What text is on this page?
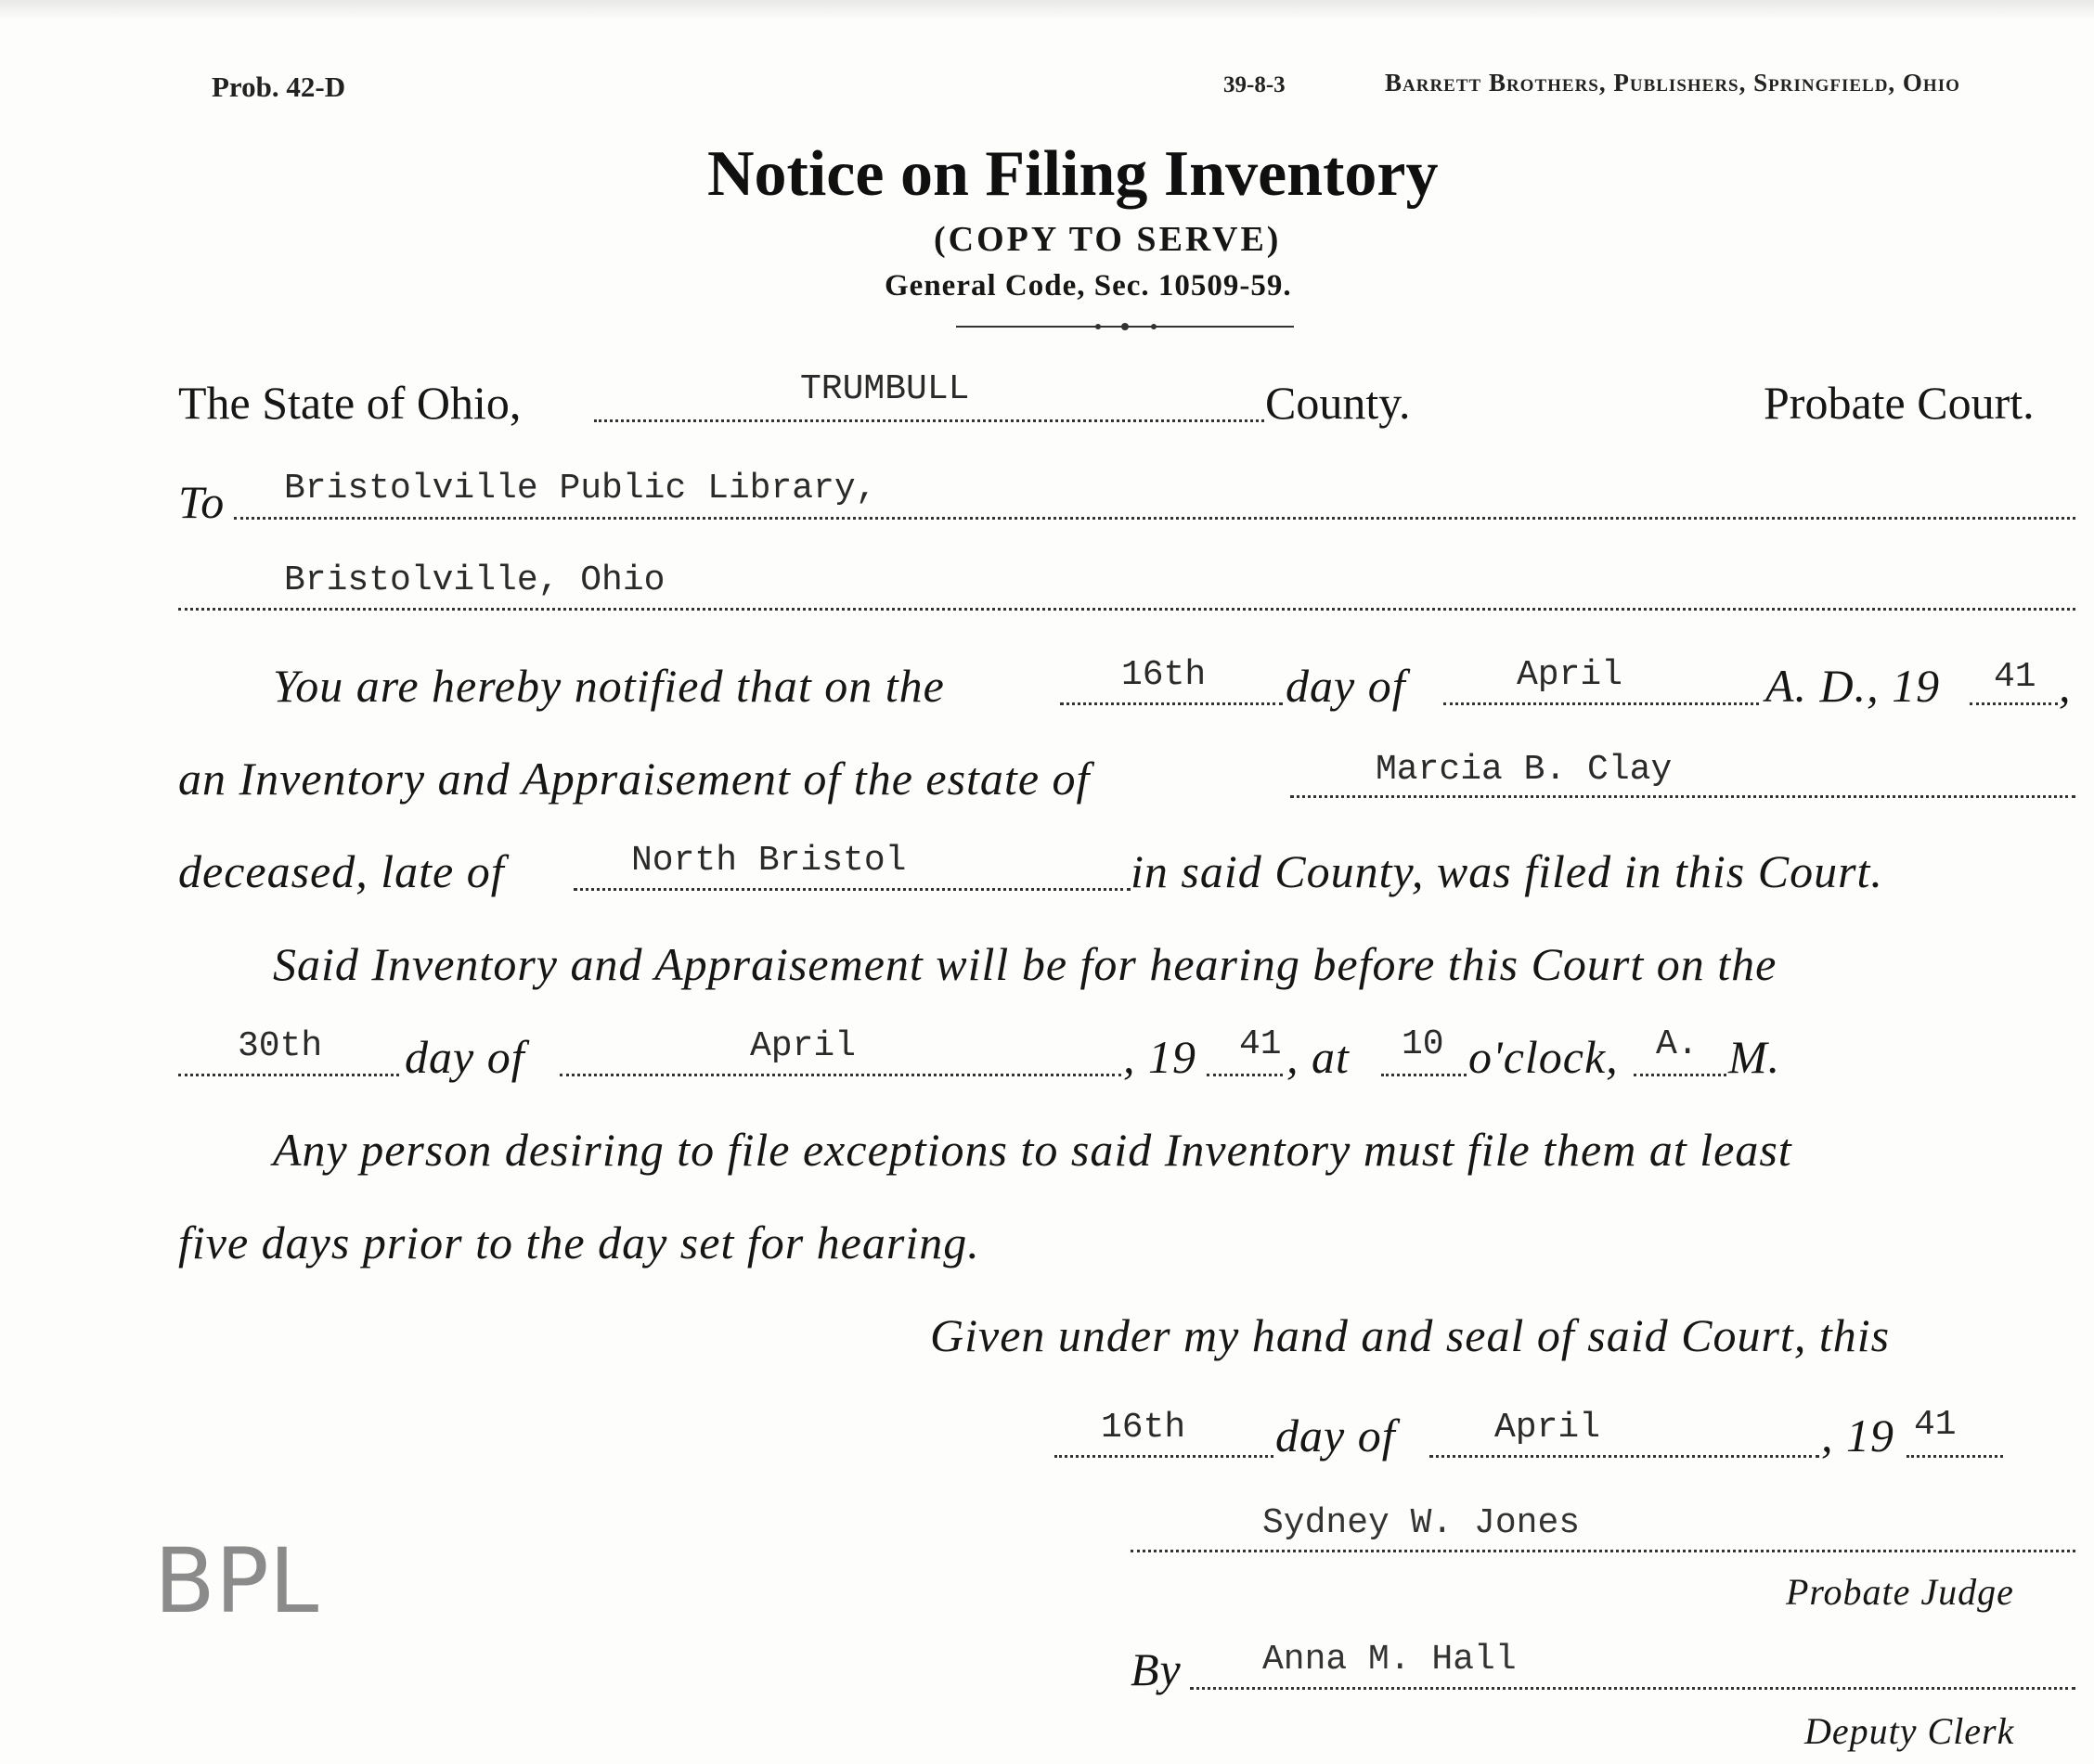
Prob. 42-D	39-8-3	Barrett Brothers, Publishers, Springfield, Ohio
Notice on Filing Inventory
(COPY TO SERVE)
General Code, Sec. 10509-59.
The State of Ohio,	TRUMBULL	County.	Probate Court.
To Bristolville Public Library,
Bristolville, Ohio
You are hereby notified that on the	16th day of	April	A. D., 19 41 ,
an Inventory and Appraisement of the estate of	Marcia B. Clay
deceased, late of	North Bristol	in said County, was filed in this Court.
Said Inventory and Appraisement will be for hearing before this Court on the
30th day of	April	, 19 41 , at 10 o'clock, A. M.
Any person desiring to file exceptions to said Inventory must file them at least
five days prior to the day set for hearing.
Given under my hand and seal of said Court, this
16th day of	April	, 19 41
Sydney W. Jones
Probate Judge
By Anna M. Hall
Deputy Clerk
BPL
